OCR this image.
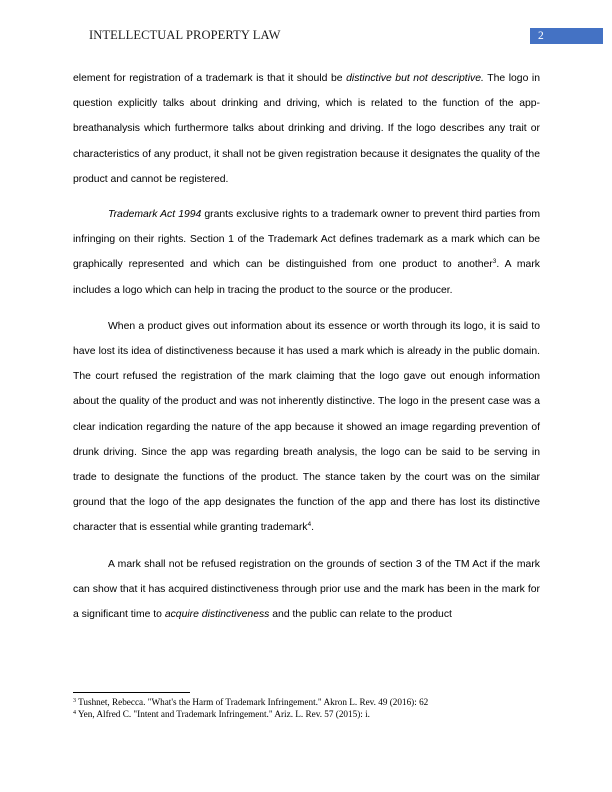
INTELLECTUAL PROPERTY LAW	2

element for registration of a trademark is that it should be distinctive but not descriptive. The logo in question explicitly talks about drinking and driving, which is related to the function of the app-breathanalysis which furthermore talks about drinking and driving. If the logo describes any trait or characteristics of any product, it shall not be given registration because it designates the quality of the product and cannot be registered.

Trademark Act 1994 grants exclusive rights to a trademark owner to prevent third parties from infringing on their rights. Section 1 of the Trademark Act defines trademark as a mark which can be graphically represented and which can be distinguished from one product to another$^3$. A mark includes a logo which can help in tracing the product to the source or the producer.

When a product gives out information about its essence or worth through its logo, it is said to have lost its idea of distinctiveness because it has used a mark which is already in the public domain. The court refused the registration of the mark claiming that the logo gave out enough information about the quality of the product and was not inherently distinctive. The logo in the present case was a clear indication regarding the nature of the app because it showed an image regarding prevention of drunk driving. Since the app was regarding breath analysis, the logo can be said to be serving in trade to designate the functions of the product. The stance taken by the court was on the similar ground that the logo of the app designates the function of the app and there has lost its distinctive character that is essential while granting trademark$^4$.

A mark shall not be refused registration on the grounds of section 3 of the TM Act if the mark can show that it has acquired distinctiveness through prior use and the mark has been in the mark for a significant time to acquire distinctiveness and the public can relate to the product

$^3$ Tushnet, Rebecca. "What's the Harm of Trademark Infringement." Akron L. Rev. 49 (2016): 62
$^4$ Yen, Alfred C. "Intent and Trademark Infringement." Ariz. L. Rev. 57 (2015): i.
